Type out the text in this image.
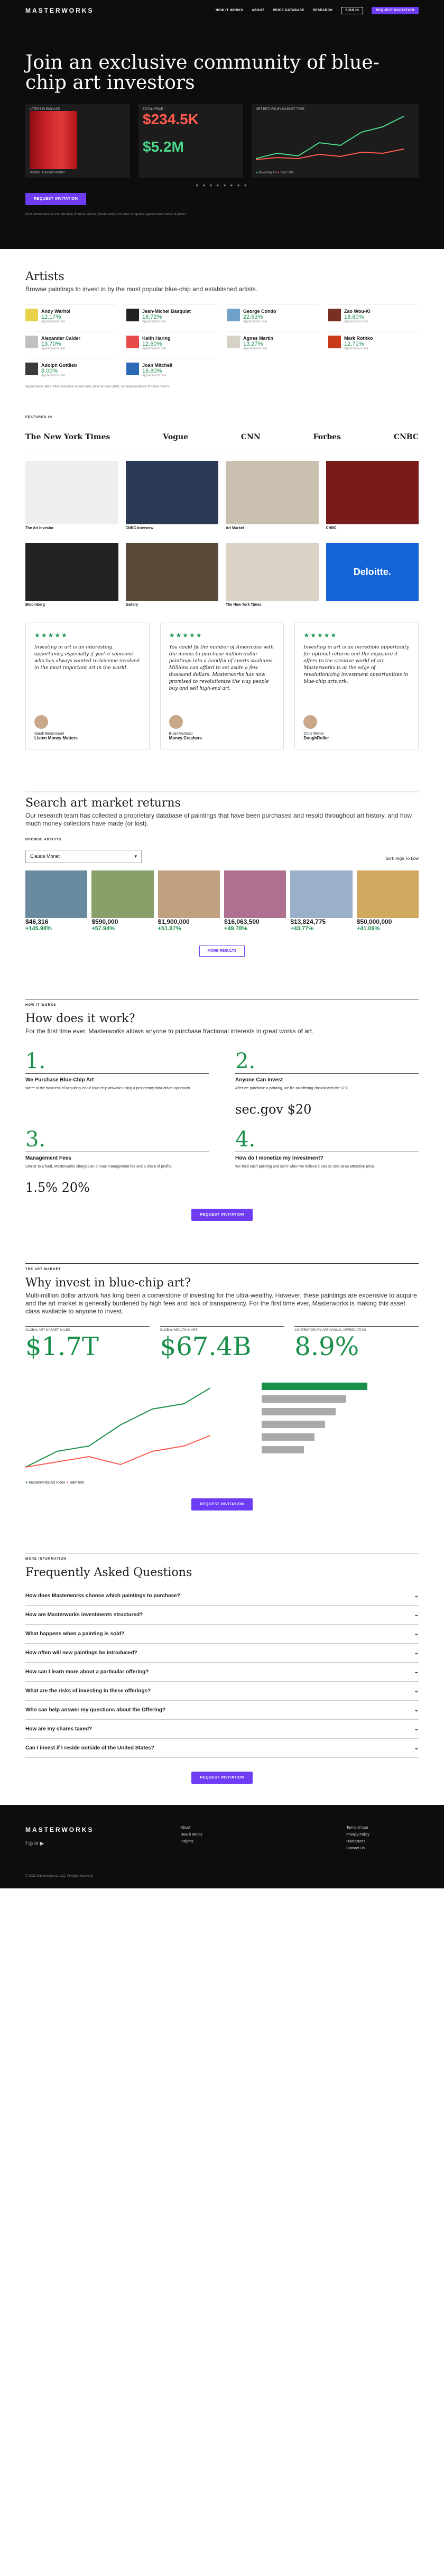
MASTERWORKS	HOW IT WORKS	ABOUT	PRICE DATABASE	RESEARCH	SIGN IN	REQUEST INVITATION
Join an exclusive community of blue-chip art investors
LATEST PURCHASE
Untitled, Gerhard Richter
TOTAL PRICE
$234.5K
$5.2M
NET RETURN BY MARKET TYPE
● Blue-chip Art ● S&P 500
● ● ● ● ● ● ● ●
REQUEST INVITATION
Past performance is not indicative of future returns. Masterworks Art Index compares against broad index of prices.
Artists
Browse paintings to invest in by the most popular blue-chip and established artists.
Andy Warhol
12.17%
Appreciation rate
Jean-Michel Basquiat
18.72%
Appreciation rate
George Condo
22.63%
Appreciation rate
Zao Wou-Ki
18.80%
Appreciation rate
Alexander Calder
13.70%
Appreciation rate
Keith Haring
12.60%
Appreciation rate
Agnes Martin
13.27%
Appreciation rate
Mark Rothko
12.71%
Appreciation rate
Adolph Gottlieb
8.00%
Appreciation rate
Joan Mitchell
16.80%
Appreciation rate
Appreciation rates reflect historical repeat sales data for each artist, not representative of future returns.
FEATURED IN
The New York Times	Vogue	CNN	Forbes	CNBC
The Art Investor	CNBC Interview	Art Market	CNBC
Bloomberg	Gallery	The New York Times
Deloitte.
★★★★★
Investing in art is an interesting opportunity, especially if you're someone who has always wanted to become involved in the most important art in the world.
Sarah Bettencourt
Listen Money Matters
★★★★★
You could fit the number of Americans with the means to purchase million-dollar paintings into a handful of sports stadiums. Millions can afford to set aside a few thousand dollars. Masterworks has now promised to revolutionize the way people buy and sell high-end art.
Brian Martucci
Money Crashers
★★★★★
Investing in art is an incredible opportunity for optimal returns and the exposure it offers to the creative world of art. Masterworks is at the edge of revolutionizing investment opportunities in blue-chip artwork.
Chris Wolter
DoughRoller
Search art market returns
Our research team has collected a proprietary database of paintings that have been purchased and resold throughout art history, and how much money collectors have made (or lost).
BROWSE ARTISTS
Claude Monet	▾	Sort: High To Low
$46,316
+145.98%
$590,000
+57.94%
$1,900,000
+51.87%
$16,063,500
+49.78%
$13,824,775
+43.77%
$50,000,000
+41.09%
MORE RESULTS
HOW IT WORKS
How does it work?
For the first time ever, Masterworks allows anyone to purchase fractional interests in great works of art.
1.
We Purchase Blue-Chip Art
We're in the business of acquiring iconic blue-chip artworks using a proprietary data-driven approach.
2.
Anyone Can Invest
After we purchase a painting, we file an offering circular with the SEC.
sec.gov $20
3.
Management Fees
Similar to a fund, Masterworks charges an annual management fee and a share of profits.
1.5% 20%
4.
How do I monetize my investment?
We hold each painting and sell it when we believe it can be sold at an attractive price.
REQUEST INVITATION
THE ART MARKET
Why invest in blue-chip art?
Multi-million dollar artwork has long been a cornerstone of investing for the ultra-wealthy. However, these paintings are expensive to acquire and the art market is generally burdened by high fees and lack of transparency. For the first time ever, Masterworks is making this asset class available to anyone to invest.
GLOBAL ART MARKET SALES
$1.7T
GLOBAL WEALTH IN ART
$67.4B
CONTEMPORARY ART ANNUAL APPRECIATION
8.9%
● Masterworks Art Index ● S&P 500
REQUEST INVITATION
MORE INFORMATION
Frequently Asked Questions
How does Masterworks choose which paintings to purchase?	⌄
How are Masterworks investments structured?	⌄
What happens when a painting is sold?	⌄
How often will new paintings be introduced?	⌄
How can I learn more about a particular offering?	⌄
What are the risks of investing in these offerings?	⌄
Who can help answer my questions about the Offering?	⌄
How are my shares taxed?	⌄
Can I invest if I reside outside of the United States?	⌄
REQUEST INVITATION
MASTERWORKS
f ◎ in ▶
About
How it Works
Insights
Terms of Use
Privacy Policy
Disclosures
Contact Us
© 2021 Masterworks.io, LLC. All rights reserved.
